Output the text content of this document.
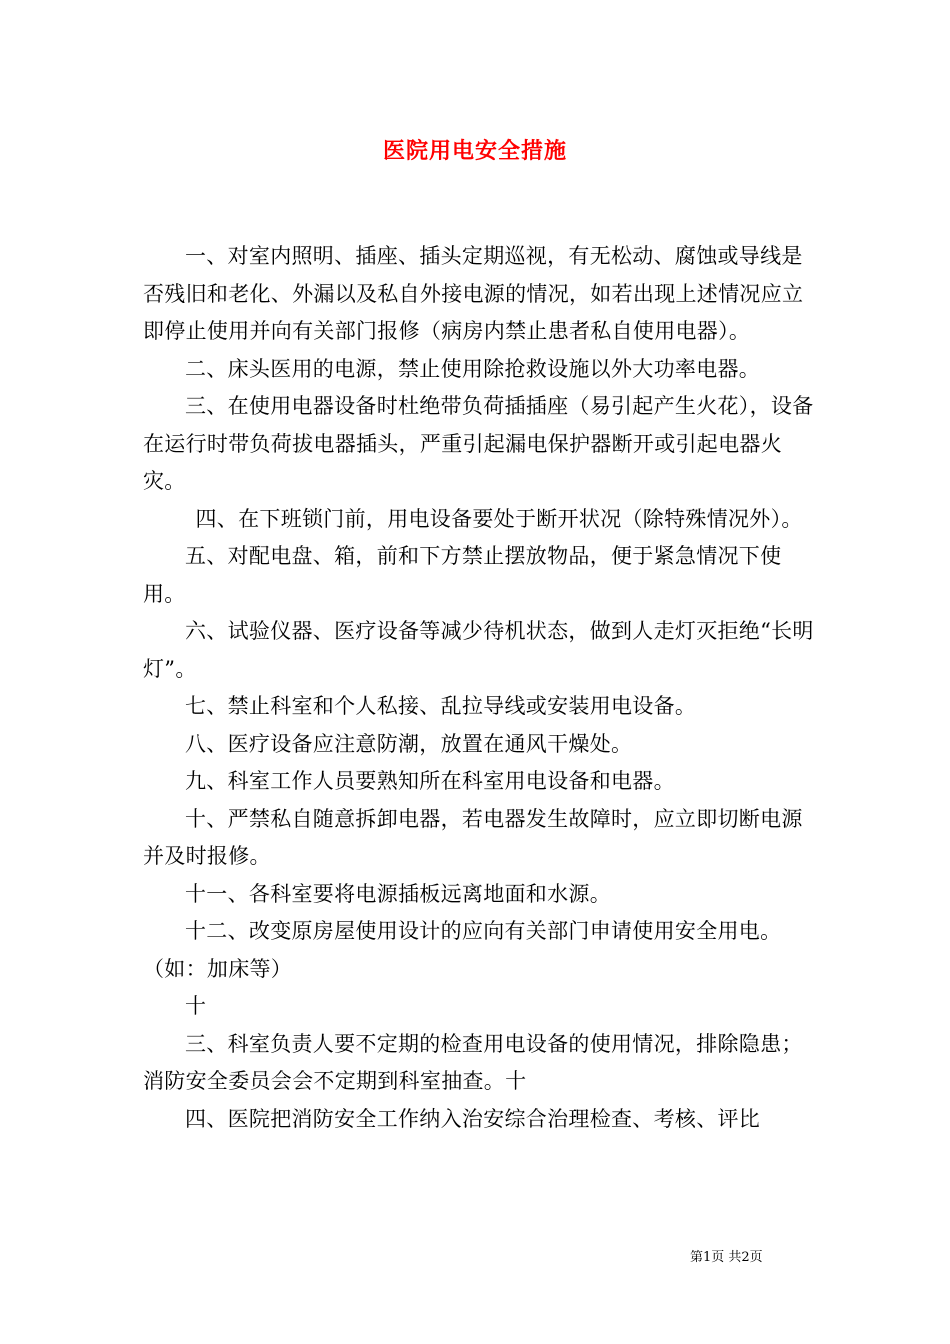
医院用电安全措施

一、对室内照明、插座、插头定期巡视，有无松动、腐蚀或导线是否残旧和老化、外漏以及私自外接电源的情况，如若出现上述情况应立即停止使用并向有关部门报修（病房内禁止患者私自使用电器）。

二、床头医用的电源，禁止使用除抢救设施以外大功率电器。

三、在使用电器设备时杜绝带负荷插插座（易引起产生火花），设备在运行时带负荷拔电器插头，严重引起漏电保护器断开或引起电器火灾。

四、在下班锁门前，用电设备要处于断开状况（除特殊情况外）。

五、对配电盘、箱，前和下方禁止摆放物品，便于紧急情况下使用。

六、试验仪器、医疗设备等减少待机状态，做到人走灯灭拒绝“长明灯”。

七、禁止科室和个人私接、乱拉导线或安装用电设备。

八、医疗设备应注意防潮，放置在通风干燥处。

九、科室工作人员要熟知所在科室用电设备和电器。

十、严禁私自随意拆卸电器，若电器发生故障时，应立即切断电源并及时报修。

十一、各科室要将电源插板远离地面和水源。

十二、改变原房屋使用设计的应向有关部门申请使用安全用电。（如：加床等）

十

三、科室负责人要不定期的检查用电设备的使用情况，排除隐患；消防安全委员会会不定期到科室抽查。十

四、医院把消防安全工作纳入治安综合治理检查、考核、评比

第1页 共2页
